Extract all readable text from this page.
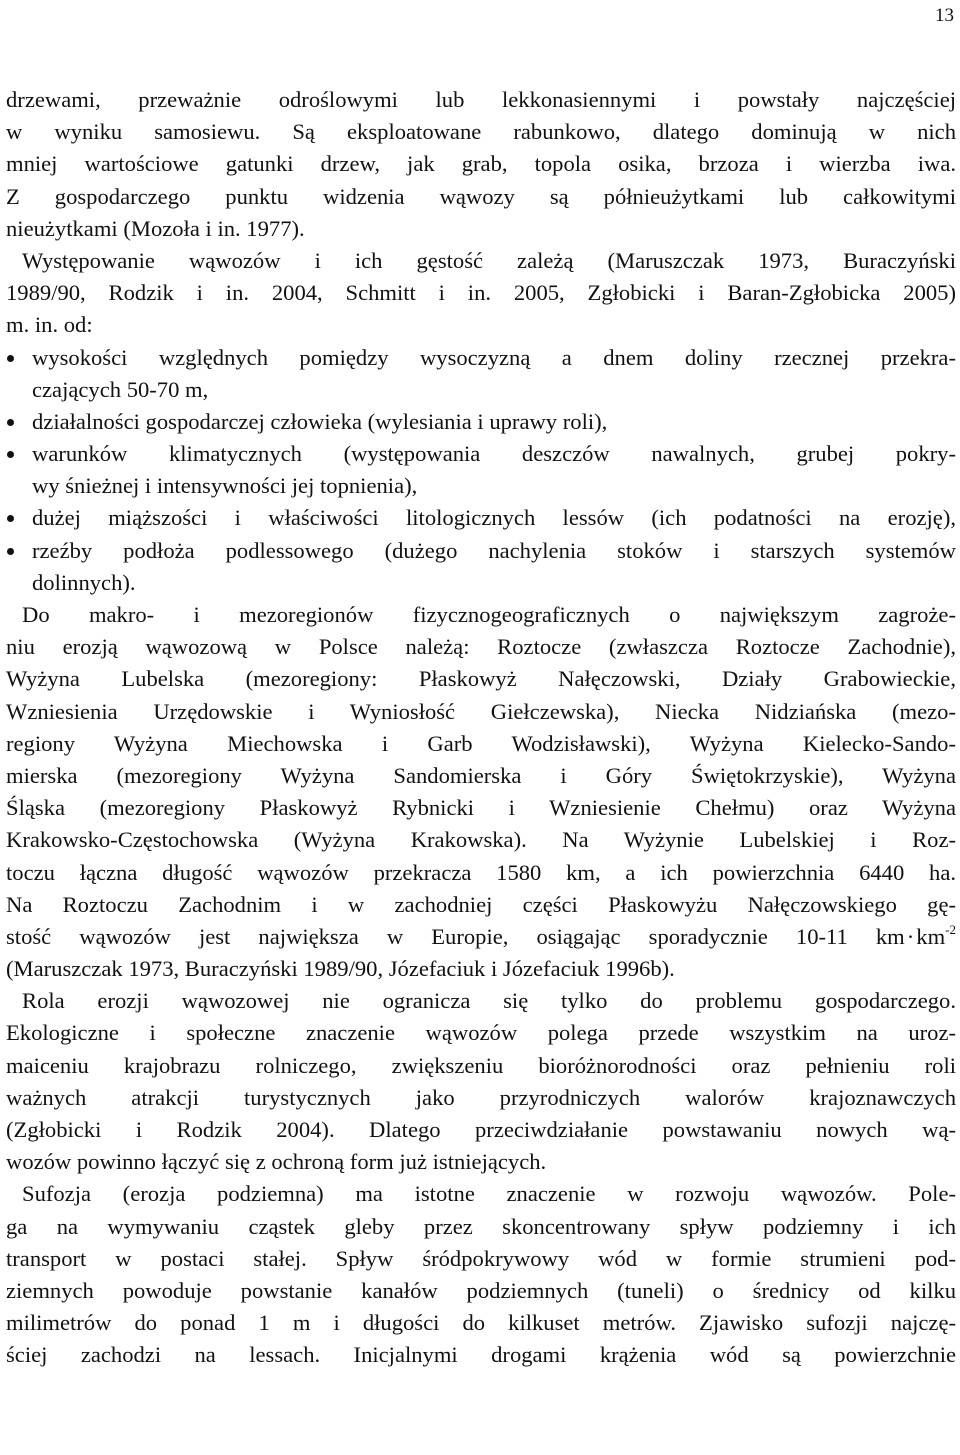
13
drzewami, przeważnie odroślowymi lub lekkonasiennymi i powstały najczęściej
w wyniku samosiewu. Są eksploatowane rabunkowo, dlatego dominują w nich
mniej wartościowe gatunki drzew, jak grab, topola osika, brzoza i wierzba iwa.
Z gospodarczego punktu widzenia wąwozy są półnieużytkami lub całkowitymi
nieużytkami (Mozoła i in. 1977).
Występowanie wąwozów i ich gęstość zależą (Maruszczak 1973, Buraczyński
1989/90, Rodzik i in. 2004, Schmitt i in. 2005, Zgłobicki i Baran-Zgłobicka 2005)
m. in. od:
wysokości względnych pomiędzy wysoczyzną a dnem doliny rzecznej przekra-
czających 50-70 m,
działalności gospodarczej człowieka (wylesiania i uprawy roli),
warunków klimatycznych (występowania deszczów nawalnych, grubej pokry-
wy śnieżnej i intensywności jej topnienia),
dużej miąższości i właściwości litologicznych lessów (ich podatności na erozję),
rzeźby podłoża podlessowego (dużego nachylenia stoków i starszych systemów
dolinnych).
Do makro- i mezoregionów fizycznogeograficznych o największym zagroże-
niu erozją wąwozową w Polsce należą: Roztocze (zwłaszcza Roztocze Zachodnie),
Wyżyna Lubelska (mezoregiony: Płaskowyż Nałęczowski, Działy Grabowieckie,
Wzniesienia Urzędowskie i Wyniosłość Giełczewska), Niecka Nidziańska (mezo-
regiony Wyżyna Miechowska i Garb Wodzisławski), Wyżyna Kielecko-Sando-
mierska (mezoregiony Wyżyna Sandomierska i Góry Świętokrzyskie), Wyżyna
Śląska (mezoregiony Płaskowyż Rybnicki i Wzniesienie Chełmu) oraz Wyżyna
Krakowsko-Częstochowska (Wyżyna Krakowska). Na Wyżynie Lubelskiej i Roz-
toczu łączna długość wąwozów przekracza 1580 km, a ich powierzchnia 6440 ha.
Na Roztoczu Zachodnim i w zachodniej części Płaskowyżu Nałęczowskiego gę-
stość wąwozów jest największa w Europie, osiągając sporadycznie 10-11 $km\cdot km^{-2}$
(Maruszczak 1973, Buraczyński 1989/90, Józefaciuk i Józefaciuk 1996b).
Rola erozji wąwozowej nie ogranicza się tylko do problemu gospodarczego.
Ekologiczne i społeczne znaczenie wąwozów polega przede wszystkim na uroz-
maiceniu krajobrazu rolniczego, zwiększeniu bioróżnorodności oraz pełnieniu roli
ważnych atrakcji turystycznych jako przyrodniczych walorów krajoznawczych
(Zgłobicki i Rodzik 2004). Dlatego przeciwdziałanie powstawaniu nowych wą-
wozów powinno łączyć się z ochroną form już istniejących.
Sufozja (erozja podziemna) ma istotne znaczenie w rozwoju wąwozów. Pole-
ga na wymywaniu cząstek gleby przez skoncentrowany spływ podziemny i ich
transport w postaci stałej. Spływ śródpokrywowy wód w formie strumieni pod-
ziemnych powoduje powstanie kanałów podziemnych (tuneli) o średnicy od kilku
milimetrów do ponad 1 m i długości do kilkuset metrów. Zjawisko sufozji najczę-
ściej zachodzi na lessach. Inicjalnymi drogami krążenia wód są powierzchnie
